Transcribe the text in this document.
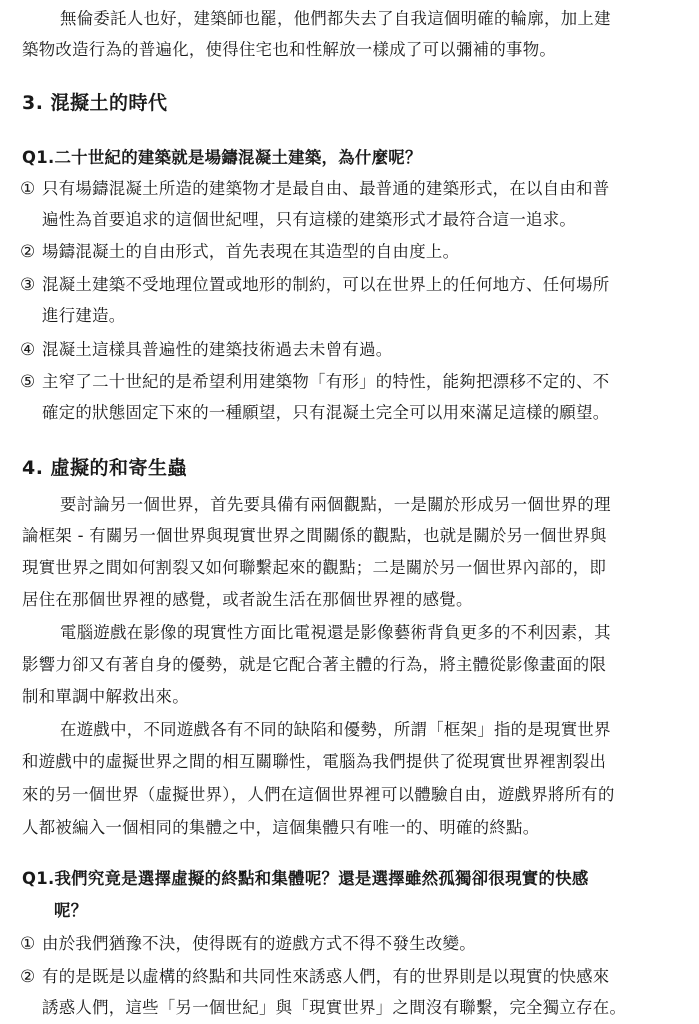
無倫委託人也好，建築師也罷，他們都失去了自我這個明確的輪廓，加上建
築物改造行為的普遍化，使得住宅也和性解放一樣成了可以彌補的事物。
3. 混擬土的時代
Q1.二十世紀的建築就是場鑄混凝土建築，為什麼呢？
① 只有場鑄混凝土所造的建築物才是最自由、最普通的建築形式，在以自由和普
遍性為首要追求的這個世紀哩，只有這樣的建築形式才最符合這一追求。
② 場鑄混凝土的自由形式，首先表現在其造型的自由度上。
③ 混凝土建築不受地理位置或地形的制約，可以在世界上的任何地方、任何場所
進行建造。
④ 混凝土這樣具普遍性的建築技術過去未曾有過。
⑤ 主窄了二十世紀的是希望利用建築物「有形」的特性，能夠把漂移不定的、不
確定的狀態固定下來的一種願望，只有混凝土完全可以用來滿足這樣的願望。
4. 虛擬的和寄生蟲
要討論另一個世界，首先要具備有兩個觀點，一是關於形成另一個世界的理
論框架 - 有關另一個世界與現實世界之間關係的觀點，也就是關於另一個世界與
現實世界之間如何割裂又如何聯繫起來的觀點；二是關於另一個世界內部的，即
居住在那個世界裡的感覺，或者說生活在那個世界裡的感覺。
電腦遊戲在影像的現實性方面比電視還是影像藝術背負更多的不利因素，其
影響力卻又有著自身的優勢，就是它配合著主體的行為，將主體從影像畫面的限
制和單調中解救出來。
在遊戲中，不同遊戲各有不同的缺陷和優勢，所謂「框架」指的是現實世界
和遊戲中的虛擬世界之間的相互關聯性，電腦為我們提供了從現實世界裡割裂出
來的另一個世界（虛擬世界），人們在這個世界裡可以體驗自由，遊戲界將所有的
人都被編入一個相同的集體之中，這個集體只有唯一的、明確的終點。
Q1.我們究竟是選擇虛擬的終點和集體呢？還是選擇雖然孤獨卻很現實的快感
呢？
① 由於我們猶豫不決，使得既有的遊戲方式不得不發生改變。
② 有的是既是以虛構的終點和共同性來誘惑人們，有的世界則是以現實的快感來
誘惑人們，這些「另一個世紀」與「現實世界」之間沒有聯繫，完全獨立存在。
